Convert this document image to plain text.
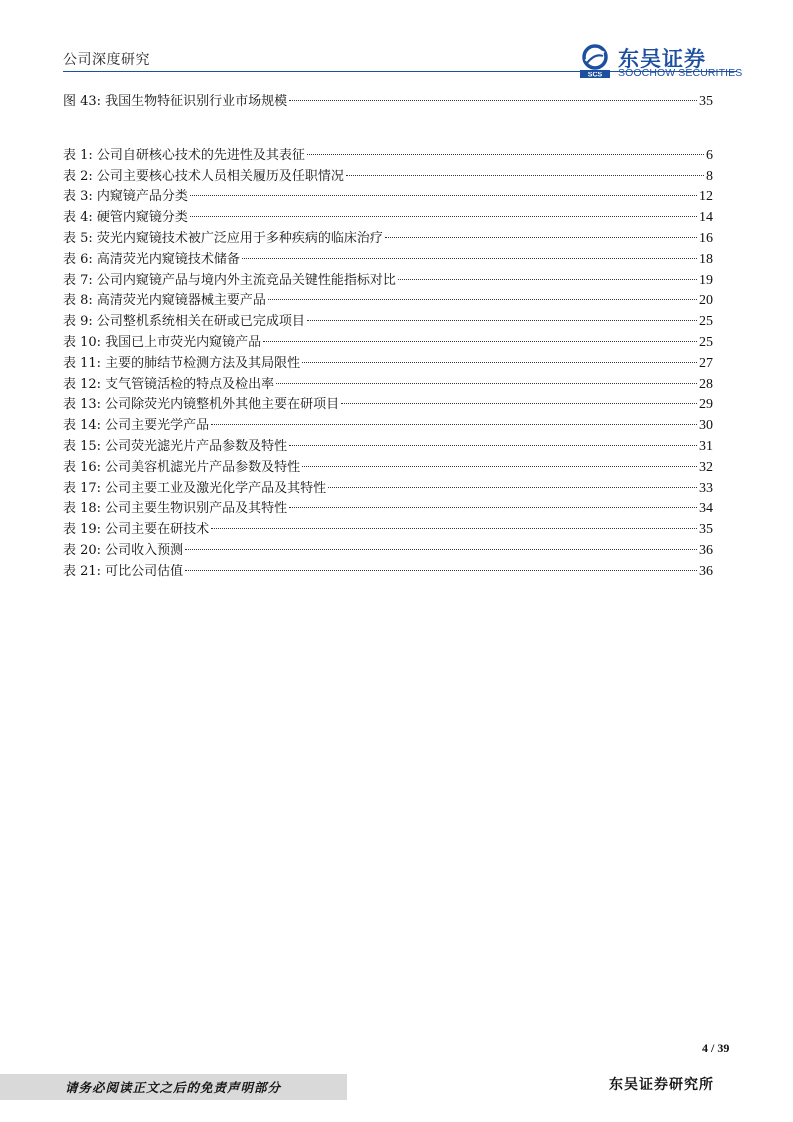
公司深度研究
SCS
东吴证券
SOOCHOW SECURITIES
图 43: 我国生物特征识别行业市场规模	35
表 1: 公司自研核心技术的先进性及其表征	6
表 2: 公司主要核心技术人员相关履历及任职情况	8
表 3: 内窥镜产品分类	12
表 4: 硬管内窥镜分类	14
表 5: 荧光内窥镜技术被广泛应用于多种疾病的临床治疗	16
表 6: 高清荧光内窥镜技术储备	18
表 7: 公司内窥镜产品与境内外主流竞品关键性能指标对比	19
表 8: 高清荧光内窥镜器械主要产品	20
表 9: 公司整机系统相关在研或已完成项目	25
表 10: 我国已上市荧光内窥镜产品	25
表 11: 主要的肺结节检测方法及其局限性	27
表 12: 支气管镜活检的特点及检出率	28
表 13: 公司除荧光内镜整机外其他主要在研项目	29
表 14: 公司主要光学产品	30
表 15: 公司荧光滤光片产品参数及特性	31
表 16: 公司美容机滤光片产品参数及特性	32
表 17: 公司主要工业及激光化学产品及其特性	33
表 18: 公司主要生物识别产品及其特性	34
表 19: 公司主要在研技术	35
表 20: 公司收入预测	36
表 21: 可比公司估值	36
4 / 39
请务必阅读正文之后的免责声明部分	东吴证券研究所
